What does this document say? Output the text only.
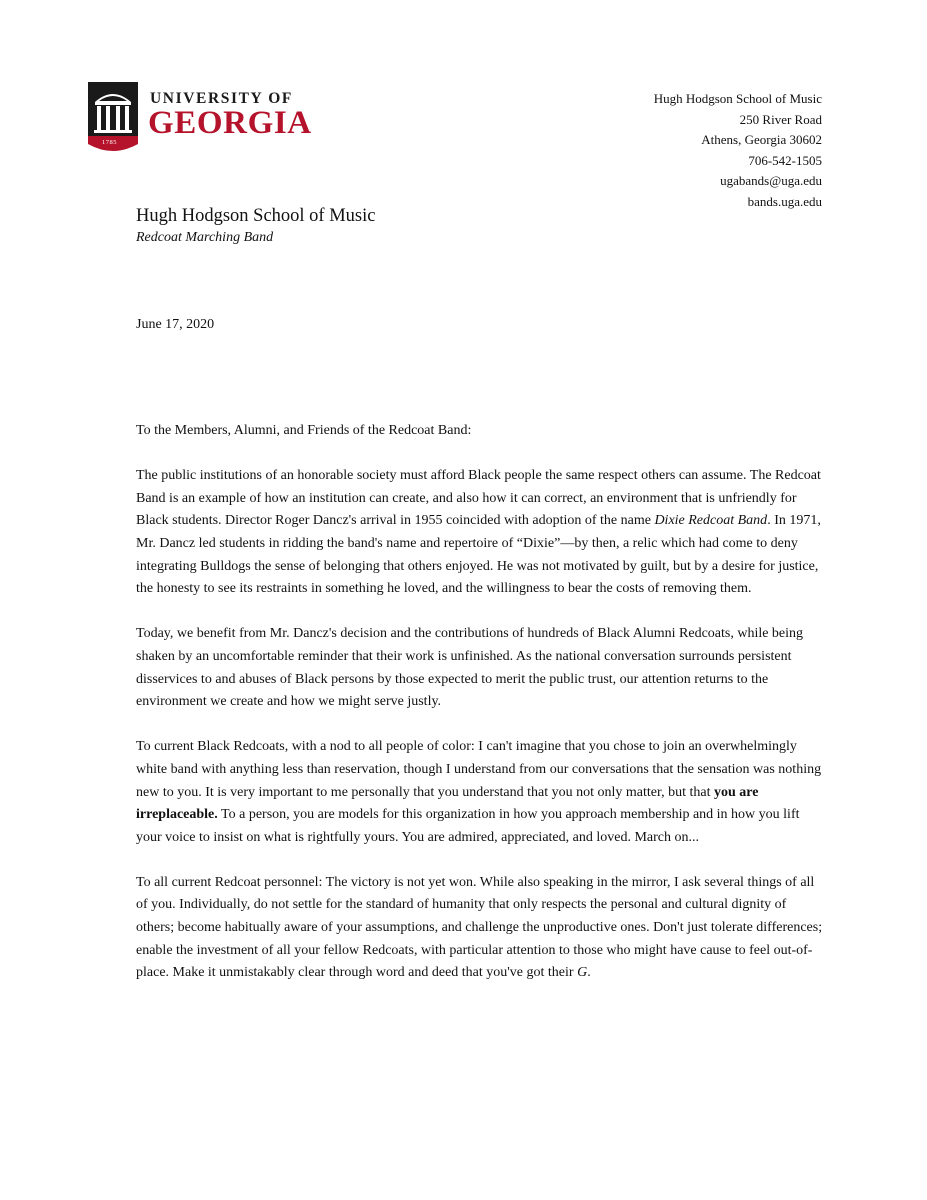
1785
UNIVERSITY OF
GEORGIA
Hugh Hodgson School of Music
250 River Road
Athens, Georgia 30602
706-542-1505
ugabands@uga.edu
bands.uga.edu
Hugh Hodgson School of Music
Redcoat Marching Band
June 17, 2020

To the Members, Alumni, and Friends of the Redcoat Band:

The public institutions of an honorable society must afford Black people the same respect others can assume. The Redcoat Band is an example of how an institution can create, and also how it can correct, an environment that is unfriendly for Black students. Director Roger Dancz's arrival in 1955 coincided with adoption of the name Dixie Redcoat Band. In 1971, Mr. Dancz led students in ridding the band's name and repertoire of “Dixie”—by then, a relic which had come to deny integrating Bulldogs the sense of belonging that others enjoyed. He was not motivated by guilt, but by a desire for justice, the honesty to see its restraints in something he loved, and the willingness to bear the costs of removing them.

Today, we benefit from Mr. Dancz's decision and the contributions of hundreds of Black Alumni Redcoats, while being shaken by an uncomfortable reminder that their work is unfinished. As the national conversation surrounds persistent disservices to and abuses of Black persons by those expected to merit the public trust, our attention returns to the environment we create and how we might serve justly.

To current Black Redcoats, with a nod to all people of color: I can't imagine that you chose to join an overwhelmingly white band with anything less than reservation, though I understand from our conversations that the sensation was nothing new to you. It is very important to me personally that you understand that you not only matter, but that you are irreplaceable. To a person, you are models for this organization in how you approach membership and in how you lift your voice to insist on what is rightfully yours. You are admired, appreciated, and loved. March on...

To all current Redcoat personnel: The victory is not yet won. While also speaking in the mirror, I ask several things of all of you. Individually, do not settle for the standard of humanity that only respects the personal and cultural dignity of others; become habitually aware of your assumptions, and challenge the unproductive ones. Don't just tolerate differences; enable the investment of all your fellow Redcoats, with particular attention to those who might have cause to feel out-of-place. Make it unmistakably clear through word and deed that you've got their G.
